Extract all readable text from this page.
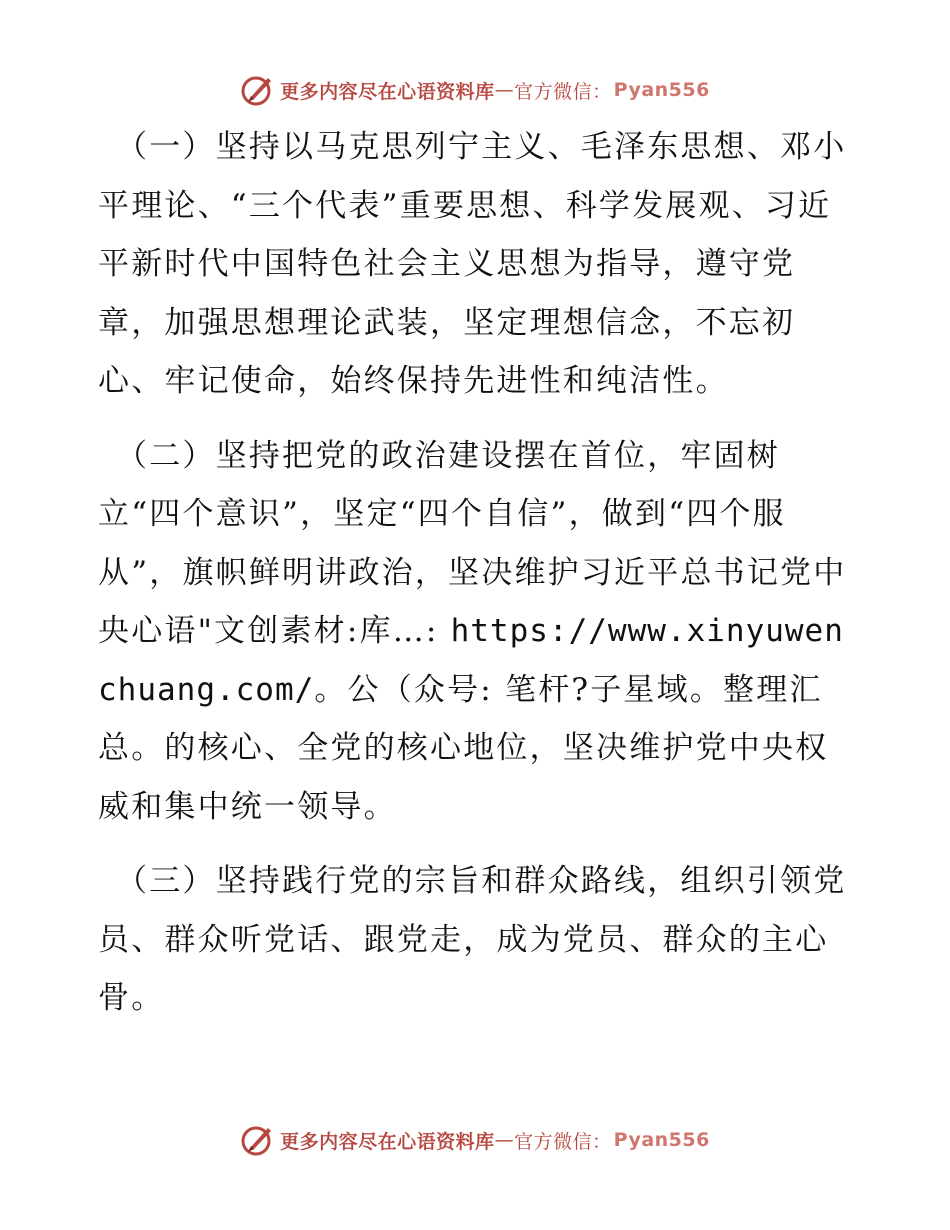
更多内容尽在心语资料库 — 官方微信： Pyan556

（一）坚持以马克思列宁主义、毛泽东思想、邓小平理论、“三个代表”重要思想、科学发展观、习近平新时代中国特色社会主义思想为指导，遵守党章，加强思想理论武装，坚定理想信念，不忘初心、牢记使命，始终保持先进性和纯洁性。

（二）坚持把党的政治建设摆在首位，牢固树立“四个意识”，坚定“四个自信”，做到“四个服从”，旗帜鲜明讲政治，坚决维护习近平总书记党中央心语"文创素材:库…: https://www.xinyuwenchuang.com/。公（众号: 笔杆?子星域。整理汇总。的核心、全党的核心地位，坚决维护党中央权威和集中统一领导。

（三）坚持践行党的宗旨和群众路线，组织引领党员、群众听党话、跟党走，成为党员、群众的主心骨。

更多内容尽在心语资料库 — 官方微信： Pyan556
